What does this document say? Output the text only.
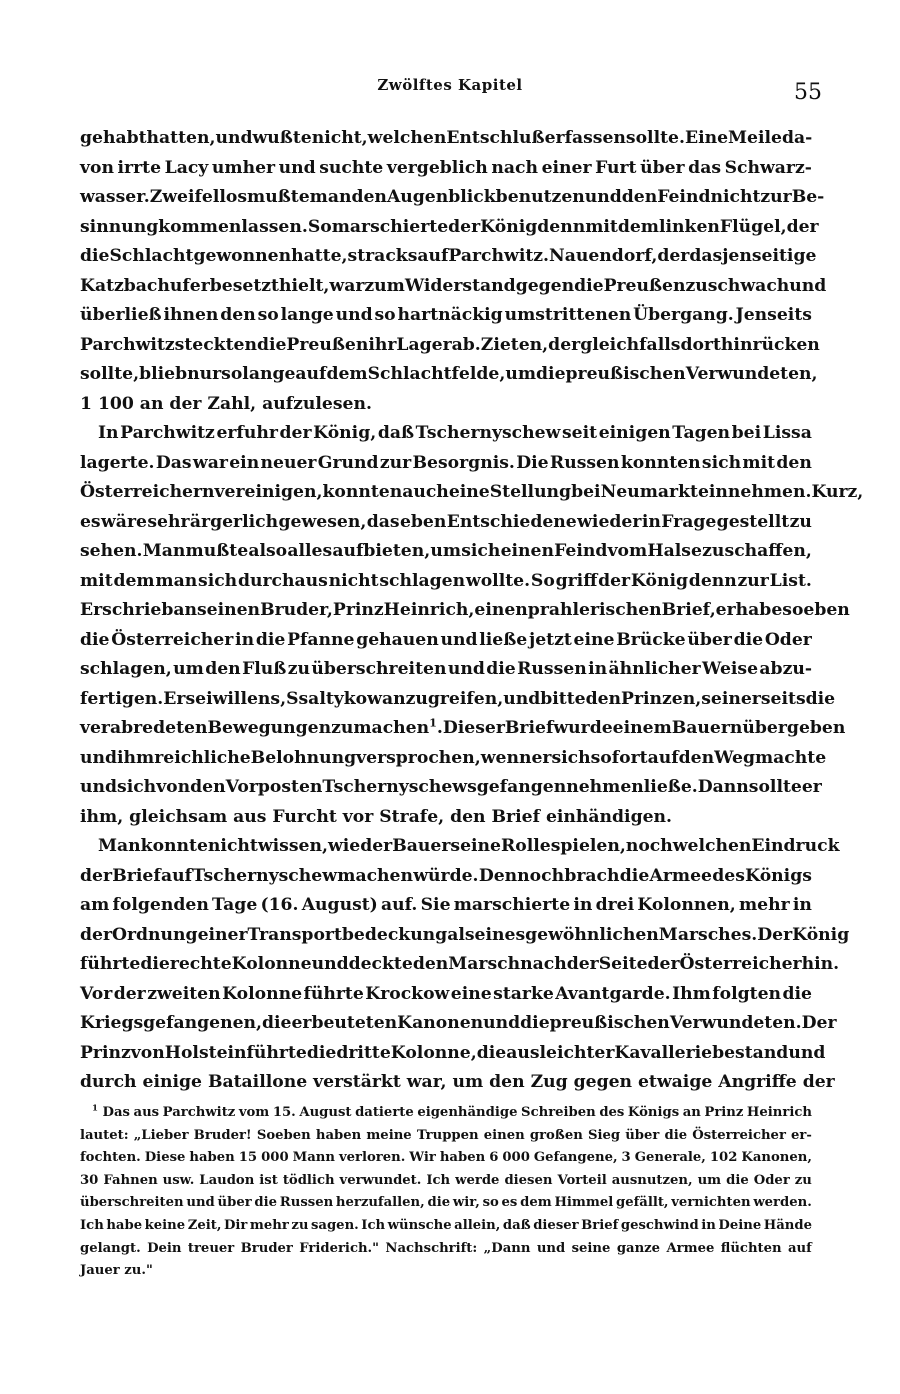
Zwölftes Kapitel	55
gehabt hatten, und wußte nicht, welchen Entschluß er fassen sollte. Eine Meile da-
von irrte Lacy umher und suchte vergeblich nach einer Furt über das Schwarz-
wasser. Zweifellos mußte man den Augenblick benutzen und den Feind nicht zur Be-
sinnung kommen lassen. So marschierte der König denn mit dem linken Flügel, der
die Schlacht gewonnen hatte, stracks auf Parchwitz. Nauendorf, der das jenseitige
Katzbachufer besetzt hielt, war zum Widerstand gegen die Preußen zu schwach und
überließ ihnen den so lange und so hartnäckig umstrittenen Übergang. Jenseits
Parchwitz steckten die Preußen ihr Lager ab. Zieten, der gleichfalls dorthin rücken
sollte, blieb nur so lange auf dem Schlachtfelde, um die preußischen Verwundeten,
1 100 an der Zahl, aufzulesen.
In Parchwitz erfuhr der König, daß Tschernyschew seit einigen Tagen bei Lissa
lagerte. Das war ein neuer Grund zur Besorgnis. Die Russen konnten sich mit den
Österreichern vereinigen, konnten auch eine Stellung bei Neumarkt einnehmen. Kurz,
es wäre sehr ärgerlich gewesen, das eben Entschiedene wieder in Frage gestellt zu
sehen. Man mußte also alles aufbieten, um sich einen Feind vom Halse zu schaffen,
mit dem man sich durchaus nicht schlagen wollte. So griff der König denn zur List.
Er schrieb an seinen Bruder, Prinz Heinrich, einen prahlerischen Brief, er habe soeben
die Österreicher in die Pfanne gehauen und ließe jetzt eine Brücke über die Oder
schlagen, um den Fluß zu überschreiten und die Russen in ähnlicher Weise abzu-
fertigen. Er sei willens, Ssaltykow anzugreifen, und bitte den Prinzen, seinerseits die
verabredeten Bewegungen zu machen$^1$. Dieser Brief wurde einem Bauern übergeben
und ihm reichliche Belohnung versprochen, wenn er sich sofort auf den Weg machte
und sich von den Vorposten Tschernyschews gefangen nehmen ließe. Dann sollte er
ihm, gleichsam aus Furcht vor Strafe, den Brief einhändigen.
Man konnte nicht wissen, wie der Bauer seine Rolle spielen, noch welchen Eindruck
der Brief auf Tschernyschew machen würde. Dennoch brach die Armee des Königs
am folgenden Tage (16. August) auf. Sie marschierte in drei Kolonnen, mehr in
der Ordnung einer Transportbedeckung als eines gewöhnlichen Marsches. Der König
führte die rechte Kolonne und deckte den Marsch nach der Seite der Österreicher hin.
Vor der zweiten Kolonne führte Krockow eine starke Avantgarde. Ihm folgten die
Kriegsgefangenen, die erbeuteten Kanonen und die preußischen Verwundeten. Der
Prinz von Holstein führte die dritte Kolonne, die aus leichter Kavallerie bestand und
durch einige Bataillone verstärkt war, um den Zug gegen etwaige Angriffe der
$^1$ Das aus Parchwitz vom 15. August datierte eigenhändige Schreiben des Königs an Prinz Heinrich
lautet: „Lieber Bruder! Soeben haben meine Truppen einen großen Sieg über die Österreicher er-
fochten. Diese haben 15 000 Mann verloren. Wir haben 6 000 Gefangene, 3 Generale, 102 Kanonen,
30 Fahnen usw. Laudon ist tödlich verwundet. Ich werde diesen Vorteil ausnutzen, um die Oder zu
überschreiten und über die Russen herzufallen, die wir, so es dem Himmel gefällt, vernichten werden.
Ich habe keine Zeit, Dir mehr zu sagen. Ich wünsche allein, daß dieser Brief geschwind in Deine Hände
gelangt. Dein treuer Bruder Friderich." Nachschrift: „Dann und seine ganze Armee flüchten auf
Jauer zu."
